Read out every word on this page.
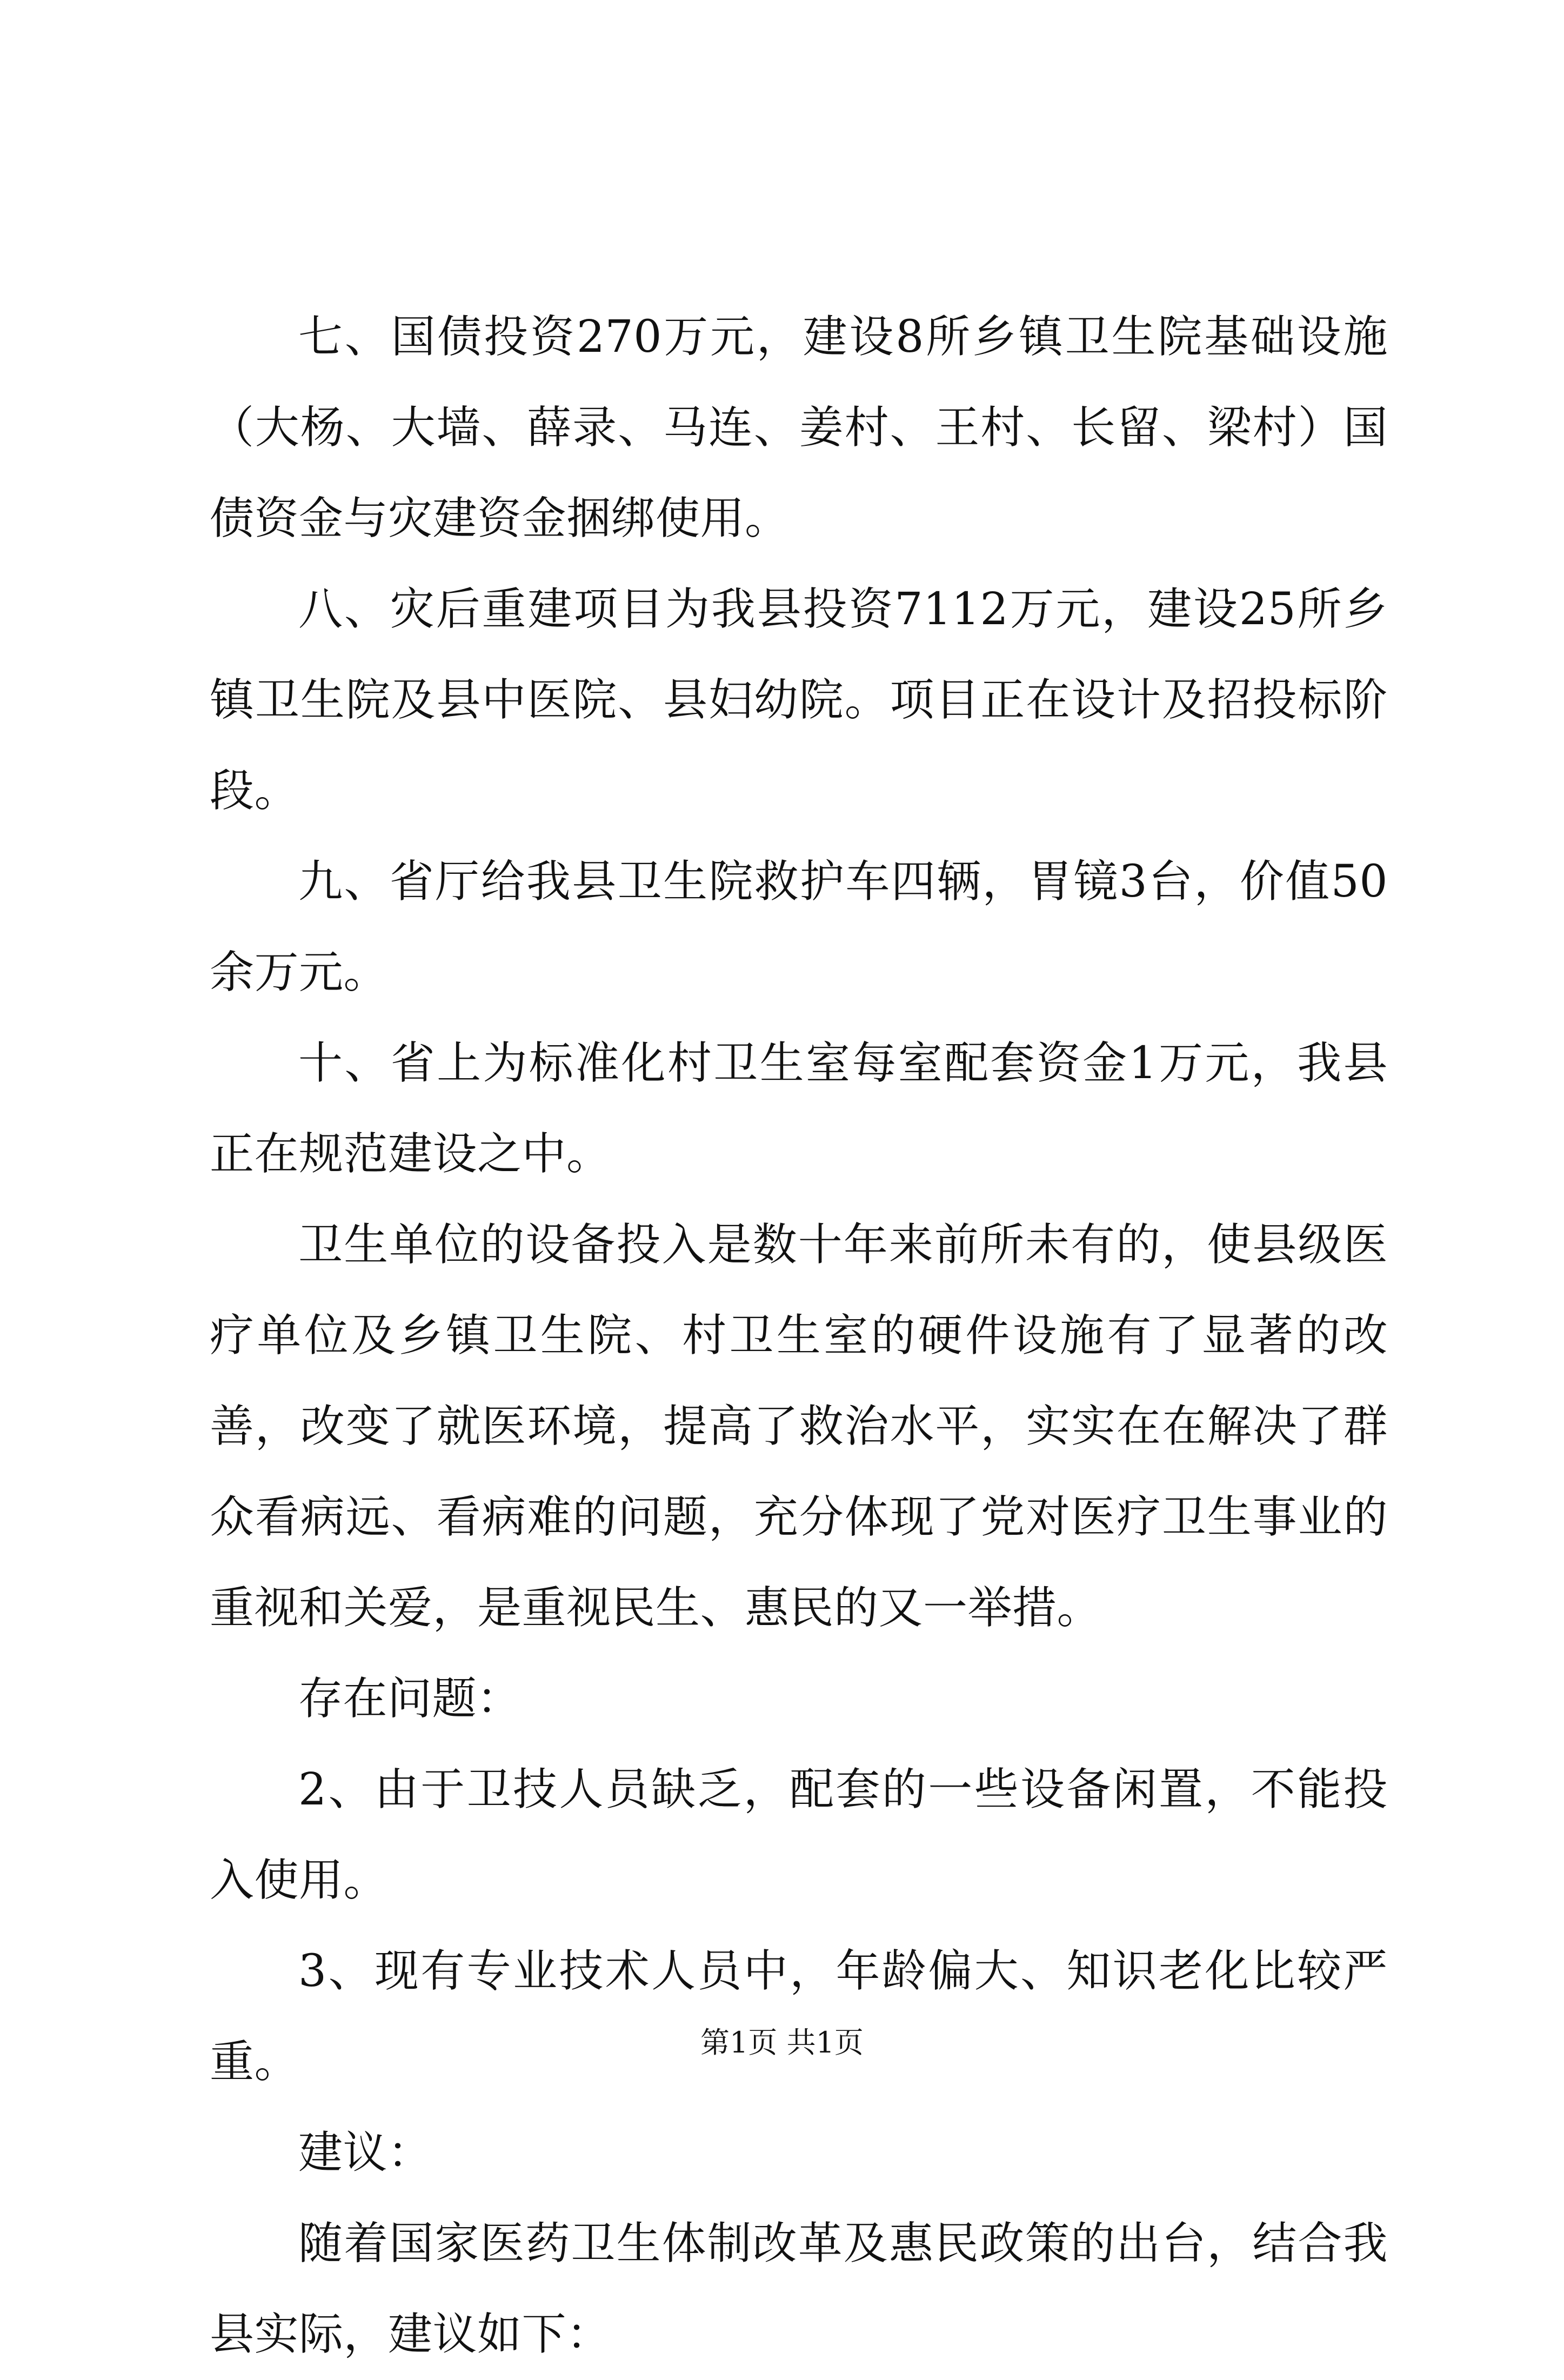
七、国债投资270万元，建设8所乡镇卫生院基础设施（大杨、大墙、薛录、马连、姜村、王村、长留、梁村）国债资金与灾建资金捆绑使用。

八、灾后重建项目为我县投资7112万元，建设25所乡镇卫生院及县中医院、县妇幼院。项目正在设计及招投标阶段。

九、省厅给我县卫生院救护车四辆，胃镜3台，价值50余万元。

十、省上为标准化村卫生室每室配套资金1万元，我县正在规范建设之中。

卫生单位的设备投入是数十年来前所未有的，使县级医疗单位及乡镇卫生院、村卫生室的硬件设施有了显著的改善，改变了就医环境，提高了救治水平，实实在在解决了群众看病远、看病难的问题，充分体现了党对医疗卫生事业的重视和关爱，是重视民生、惠民的又一举措。

存在问题：

2、由于卫技人员缺乏，配套的一些设备闲置，不能投入使用。

3、现有专业技术人员中，年龄偏大、知识老化比较严重。

建议：

随着国家医药卫生体制改革及惠民政策的出台，结合我县实际，建议如下：

第1页 共1页
